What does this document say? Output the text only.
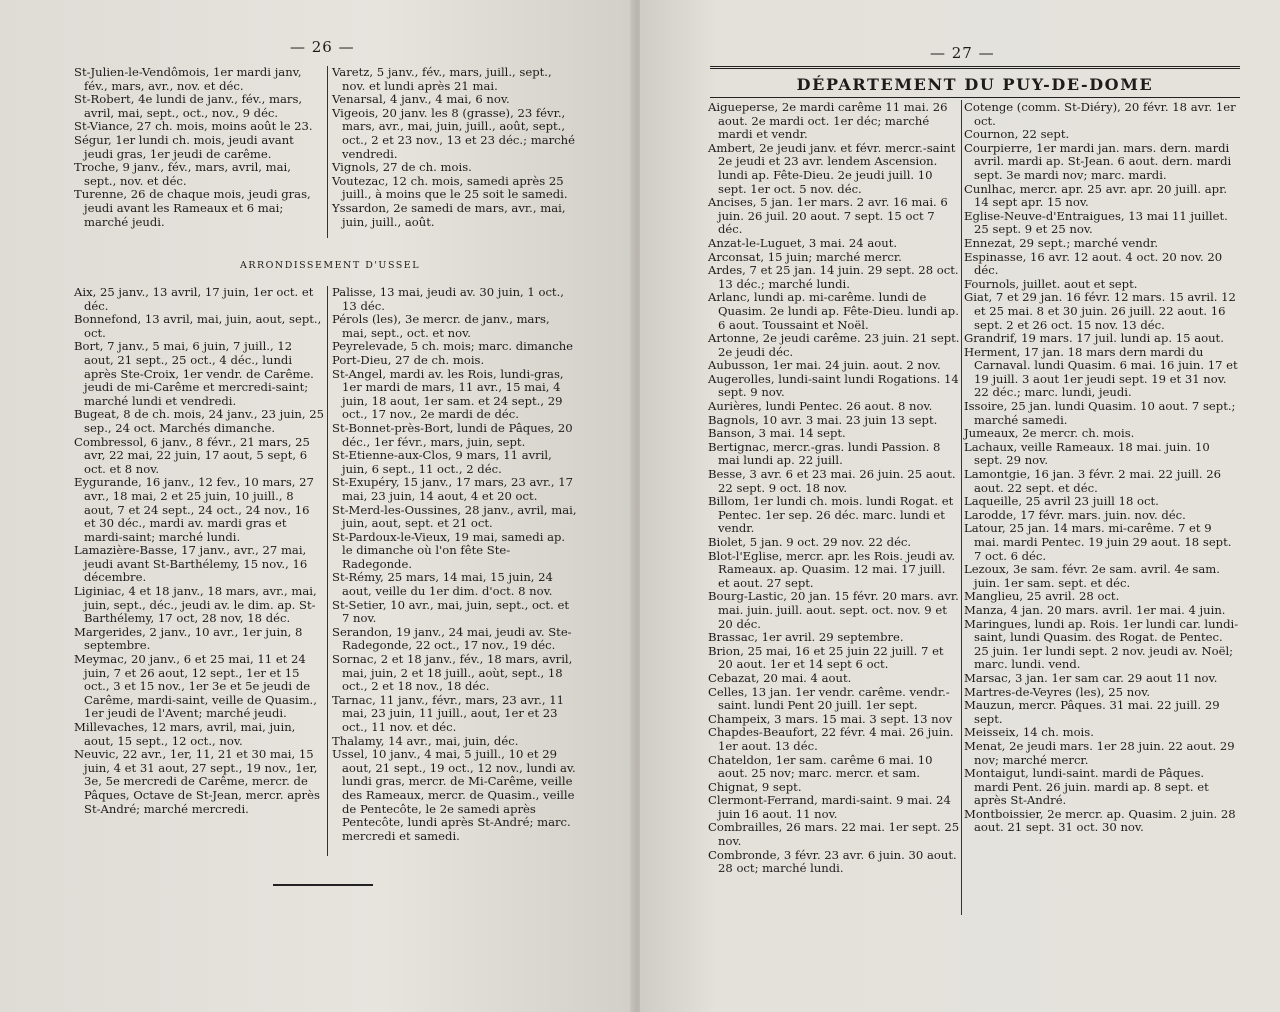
— 26 —

St-Julien-le-Vendômois, 1er mardi janv, fév., mars, avr., nov. et déc.

St-Robert, 4e lundi de janv., fév., mars, avril, mai, sept., oct., nov., 9 déc.

St-Viance, 27 ch. mois, moins août le 23.

Ségur, 1er lundi ch. mois, jeudi avant jeudi gras, 1er jeudi de carême.

Troche, 9 janv., fév., mars, avril, mai, sept., nov. et déc.

Turenne, 26 de chaque mois, jeudi gras, jeudi avant les Rameaux et 6 mai; marché jeudi.

Varetz, 5 janv., fév., mars, juill., sept., nov. et lundi après 21 mai.

Venarsal, 4 janv., 4 mai, 6 nov.

Vigeois, 20 janv. les 8 (grasse), 23 févr., mars, avr., mai, juin, juill., août, sept., oct., 2 et 23 nov., 13 et 23 déc.; marché vendredi.

Vignols, 27 de ch. mois.

Voutezac, 12 ch. mois, samedi après 25 juill., à moins que le 25 soit le samedi.

Yssardon, 2e samedi de mars, avr., mai, juin, juill., août.

ARRONDISSEMENT D'USSEL

Aix, 25 janv., 13 avril, 17 juin, 1er oct. et déc.

Bonnefond, 13 avril, mai, juin, aout, sept., oct.

Bort, 7 janv., 5 mai, 6 juin, 7 juill., 12 aout, 21 sept., 25 oct., 4 déc., lundi après Ste-Croix, 1er vendr. de Carême. jeudi de mi-Carême et mercredi-saint; marché lundi et vendredi.

Bugeat, 8 de ch. mois, 24 janv., 23 juin, 25 sep., 24 oct. Marchés dimanche.

Combressol, 6 janv., 8 févr., 21 mars, 25 avr, 22 mai, 22 juin, 17 aout, 5 sept, 6 oct. et 8 nov.

Eygurande, 16 janv., 12 fev., 10 mars, 27 avr., 18 mai, 2 et 25 juin, 10 juill., 8 aout, 7 et 24 sept., 24 oct., 24 nov., 16 et 30 déc., mardi av. mardi gras et mardi-saint; marché lundi.

Lamazière-Basse, 17 janv., avr., 27 mai, jeudi avant St-Barthélemy, 15 nov., 16 décembre.

Liginiac, 4 et 18 janv., 18 mars, avr., mai, juin, sept., déc., jeudi av. le dim. ap. St-Barthélemy, 17 oct, 28 nov, 18 déc.

Margerides, 2 janv., 10 avr., 1er juin, 8 septembre.

Meymac, 20 janv., 6 et 25 mai, 11 et 24 juin, 7 et 26 aout, 12 sept., 1er et 15 oct., 3 et 15 nov., 1er 3e et 5e jeudi de Carême, mardi-saint, veille de Quasim., 1er jeudi de l'Avent; marché jeudi.

Millevaches, 12 mars, avril, mai, juin, aout, 15 sept., 12 oct., nov.

Neuvic, 22 avr., 1er, 11, 21 et 30 mai, 15 juin, 4 et 31 aout, 27 sept., 19 nov., 1er, 3e, 5e mercredi de Carême, mercr. de Pâques, Octave de St-Jean, mercr. après St-André; marché mercredi.

Palisse, 13 mai, jeudi av. 30 juin, 1 oct., 13 déc.

Pérols (les), 3e mercr. de janv., mars, mai, sept., oct. et nov.

Peyrelevade, 5 ch. mois; marc. dimanche

Port-Dieu, 27 de ch. mois.

St-Angel, mardi av. les Rois, lundi-gras, 1er mardi de mars, 11 avr., 15 mai, 4 juin, 18 aout, 1er sam. et 24 sept., 29 oct., 17 nov., 2e mardi de déc.

St-Bonnet-près-Bort, lundi de Pâques, 20 déc., 1er févr., mars, juin, sept.

St-Etienne-aux-Clos, 9 mars, 11 avril, juin, 6 sept., 11 oct., 2 déc.

St-Exupéry, 15 janv., 17 mars, 23 avr., 17 mai, 23 juin, 14 aout, 4 et 20 oct.

St-Merd-les-Oussines, 28 janv., avril, mai, juin, aout, sept. et 21 oct.

St-Pardoux-le-Vieux, 19 mai, samedi ap. le dimanche où l'on fête Ste-Radegonde.

St-Rémy, 25 mars, 14 mai, 15 juin, 24 aout, veille du 1er dim. d'oct. 8 nov.

St-Setier, 10 avr., mai, juin, sept., oct. et 7 nov.

Serandon, 19 janv., 24 mai, jeudi av. Ste-Radegonde, 22 oct., 17 nov., 19 déc.

Sornac, 2 et 18 janv., fév., 18 mars, avril, mai, juin, 2 et 18 juill., aoùt, sept., 18 oct., 2 et 18 nov., 18 déc.

Tarnac, 11 janv., févr., mars, 23 avr., 11 mai, 23 juin, 11 juill., aout, 1er et 23 oct., 11 nov. et déc.

Thalamy, 14 avr., mai, juin, déc.

Ussel, 10 janv., 4 mai, 5 juill., 10 et 29 aout, 21 sept., 19 oct., 12 nov., lundi av. lundi gras, mercr. de Mi-Carême, veille des Rameaux, mercr. de Quasim., veille de Pentecôte, le 2e samedi après Pentecôte, lundi après St-André; marc. mercredi et samedi.

— 27 —
DÉPARTEMENT DU PUY-DE-DOME

Aigueperse, 2e mardi carême 11 mai. 26 aout. 2e mardi oct. 1er déc; marché mardi et vendr.

Ambert, 2e jeudi janv. et févr. mercr.-saint 2e jeudi et 23 avr. lendem Ascension. lundi ap. Fête-Dieu. 2e jeudi juill. 10 sept. 1er oct. 5 nov. déc.

Ancises, 5 jan. 1er mars. 2 avr. 16 mai. 6 juin. 26 juil. 20 aout. 7 sept. 15 oct 7 déc.

Anzat-le-Luguet, 3 mai. 24 aout.

Arconsat, 15 juin; marché mercr.

Ardes, 7 et 25 jan. 14 juin. 29 sept. 28 oct. 13 déc.; marché lundi.

Arlanc, lundi ap. mi-carême. lundi de Quasim. 2e lundi ap. Fête-Dieu. lundi ap. 6 aout. Toussaint et Noël.

Artonne, 2e jeudi carême. 23 juin. 21 sept. 2e jeudi déc.

Aubusson, 1er mai. 24 juin. aout. 2 nov.

Augerolles, lundi-saint lundi Rogations. 14 sept. 9 nov.

Aurières, lundi Pentec. 26 aout. 8 nov.

Bagnols, 10 avr. 3 mai. 23 juin 13 sept.

Banson, 3 mai. 14 sept.

Bertignac, mercr.-gras. lundi Passion. 8 mai lundi ap. 22 juill.

Besse, 3 avr. 6 et 23 mai. 26 juin. 25 aout. 22 sept. 9 oct. 18 nov.

Billom, 1er lundi ch. mois. lundi Rogat. et Pentec. 1er sep. 26 déc. marc. lundi et vendr.

Biolet, 5 jan. 9 oct. 29 nov. 22 déc.

Blot-l'Eglise, mercr. apr. les Rois. jeudi av. Rameaux. ap. Quasim. 12 mai. 17 juill. et aout. 27 sept.

Bourg-Lastic, 20 jan. 15 févr. 20 mars. avr. mai. juin. juill. aout. sept. oct. nov. 9 et 20 déc.

Brassac, 1er avril. 29 septembre.

Brion, 25 mai, 16 et 25 juin 22 juill. 7 et 20 aout. 1er et 14 sept 6 oct.

Cebazat, 20 mai. 4 aout.

Celles, 13 jan. 1er vendr. carême. vendr.-saint. lundi Pent 20 juill. 1er sept.

Champeix, 3 mars. 15 mai. 3 sept. 13 nov

Chapdes-Beaufort, 22 févr. 4 mai. 26 juin. 1er aout. 13 déc.

Chateldon, 1er sam. carême 6 mai. 10 aout. 25 nov; marc. mercr. et sam.

Chignat, 9 sept.

Clermont-Ferrand, mardi-saint. 9 mai. 24 juin 16 aout. 11 nov.

Combrailles, 26 mars. 22 mai. 1er sept. 25 nov.

Combronde, 3 févr. 23 avr. 6 juin. 30 aout. 28 oct; marché lundi.

Cotenge (comm. St-Diéry), 20 févr. 18 avr. 1er oct.

Cournon, 22 sept.

Courpierre, 1er mardi jan. mars. dern. mardi avril. mardi ap. St-Jean. 6 aout. dern. mardi sept. 3e mardi nov; marc. mardi.

Cunlhac, mercr. apr. 25 avr. apr. 20 juill. apr. 14 sept apr. 15 nov.

Eglise-Neuve-d'Entraigues, 13 mai 11 juillet. 25 sept. 9 et 25 nov.

Ennezat, 29 sept.; marché vendr.

Espinasse, 16 avr. 12 aout. 4 oct. 20 nov. 20 déc.

Fournols, juillet. aout et sept.

Giat, 7 et 29 jan. 16 févr. 12 mars. 15 avril. 12 et 25 mai. 8 et 30 juin. 26 juill. 22 aout. 16 sept. 2 et 26 oct. 15 nov. 13 déc.

Grandrif, 19 mars. 17 juil. lundi ap. 15 aout.

Herment, 17 jan. 18 mars dern mardi du Carnaval. lundi Quasim. 6 mai. 16 juin. 17 et 19 juill. 3 aout 1er jeudi sept. 19 et 31 nov. 22 déc.; marc. lundi, jeudi.

Issoire, 25 jan. lundi Quasim. 10 aout. 7 sept.; marché samedi.

Jumeaux, 2e mercr. ch. mois.

Lachaux, veille Rameaux. 18 mai. juin. 10 sept. 29 nov.

Lamontgie, 16 jan. 3 févr. 2 mai. 22 juill. 26 aout. 22 sept. et déc.

Laqueille, 25 avril 23 juill 18 oct.

Larodde, 17 févr. mars. juin. nov. déc.

Latour, 25 jan. 14 mars. mi-carême. 7 et 9 mai. mardi Pentec. 19 juin 29 aout. 18 sept. 7 oct. 6 déc.

Lezoux, 3e sam. févr. 2e sam. avril. 4e sam. juin. 1er sam. sept. et déc.

Manglieu, 25 avril. 28 oct.

Manza, 4 jan. 20 mars. avril. 1er mai. 4 juin.

Maringues, lundi ap. Rois. 1er lundi car. lundi-saint, lundi Quasim. des Rogat. de Pentec. 25 juin. 1er lundi sept. 2 nov. jeudi av. Noël; marc. lundi. vend.

Marsac, 3 jan. 1er sam car. 29 aout 11 nov.

Martres-de-Veyres (les), 25 nov.

Mauzun, mercr. Pâques. 31 mai. 22 juill. 29 sept.

Meisseix, 14 ch. mois.

Menat, 2e jeudi mars. 1er 28 juin. 22 aout. 29 nov; marché mercr.

Montaigut, lundi-saint. mardi de Pâques. mardi Pent. 26 juin. mardi ap. 8 sept. et après St-André.

Montboissier, 2e mercr. ap. Quasim. 2 juin. 28 aout. 21 sept. 31 oct. 30 nov.
